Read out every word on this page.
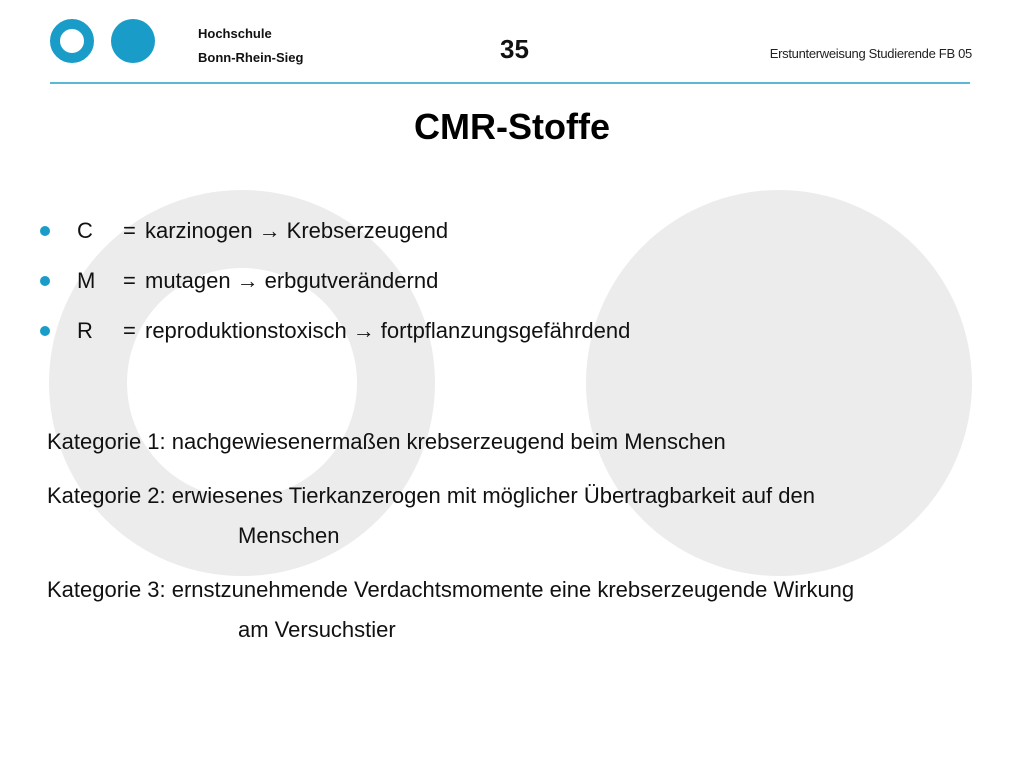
Hochschule
Bonn-Rhein-Sieg	35	Erstunterweisung Studierende FB 05
CMR-Stoffe
C	= karzinogen → Krebserzeugend
M	= mutagen → erbgutverändernd
R	= reproduktionstoxisch → fortpflanzungsgefährdend
Kategorie 1: nachgewiesenermaßen krebserzeugend beim Menschen
Kategorie 2: erwiesenes Tierkanzerogen mit möglicher Übertragbarkeit auf den
Menschen
Kategorie 3: ernstzunehmende Verdachtsmomente eine krebserzeugende Wirkung
am Versuchstier
